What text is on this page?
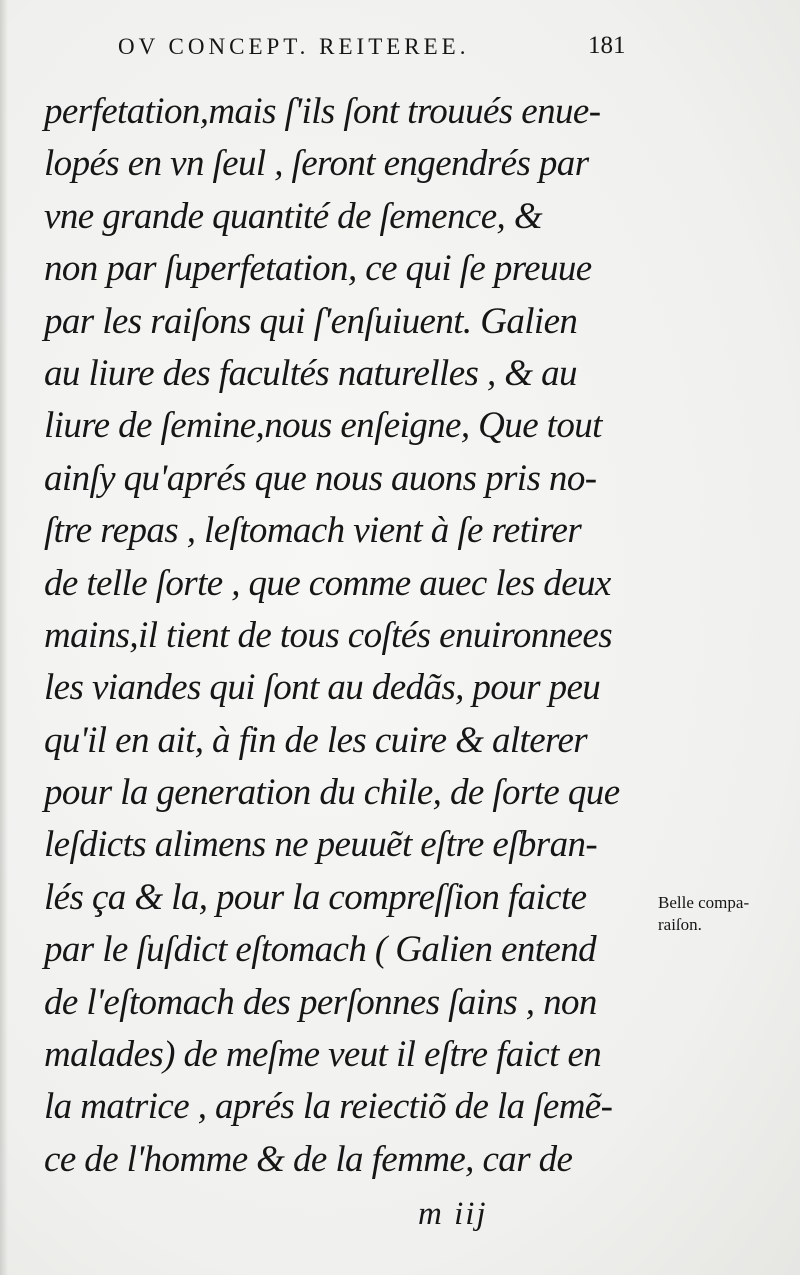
OV CONCEPT. REITEREE.	181
perfetation,mais ſ'ils ſont trouués enue-
lopés en vn ſeul , ſeront engendrés par
vne grande quantité de ſemence, &
non par ſuperfetation, ce qui ſe preuue
par les raiſons qui ſ'enſuiuent. Galien
au liure des facultés naturelles , & au
liure de ſemine,nous enſeigne, Que tout
ainſy qu'aprés que nous auons pris no-
ſtre repas , leſtomach vient à ſe retirer
de telle ſorte , que comme auec les deux
mains,il tient de tous coſtés enuironnees
les viandes qui ſont au dedãs, pour peu
qu'il en ait, à fin de les cuire & alterer
pour la generation du chile, de ſorte que
leſdicts alimens ne peuuẽt eſtre eſbran-
lés ça & la, pour la compreſſion faicte
par le ſuſdict eſtomach ( Galien entend
de l'eſtomach des perſonnes ſains , non
malades) de meſme veut il eſtre faict en
la matrice , aprés la reiectiõ de la ſemẽ-
ce de l'homme & de la femme, car de
Belle compa-
raiſon.
m iij
